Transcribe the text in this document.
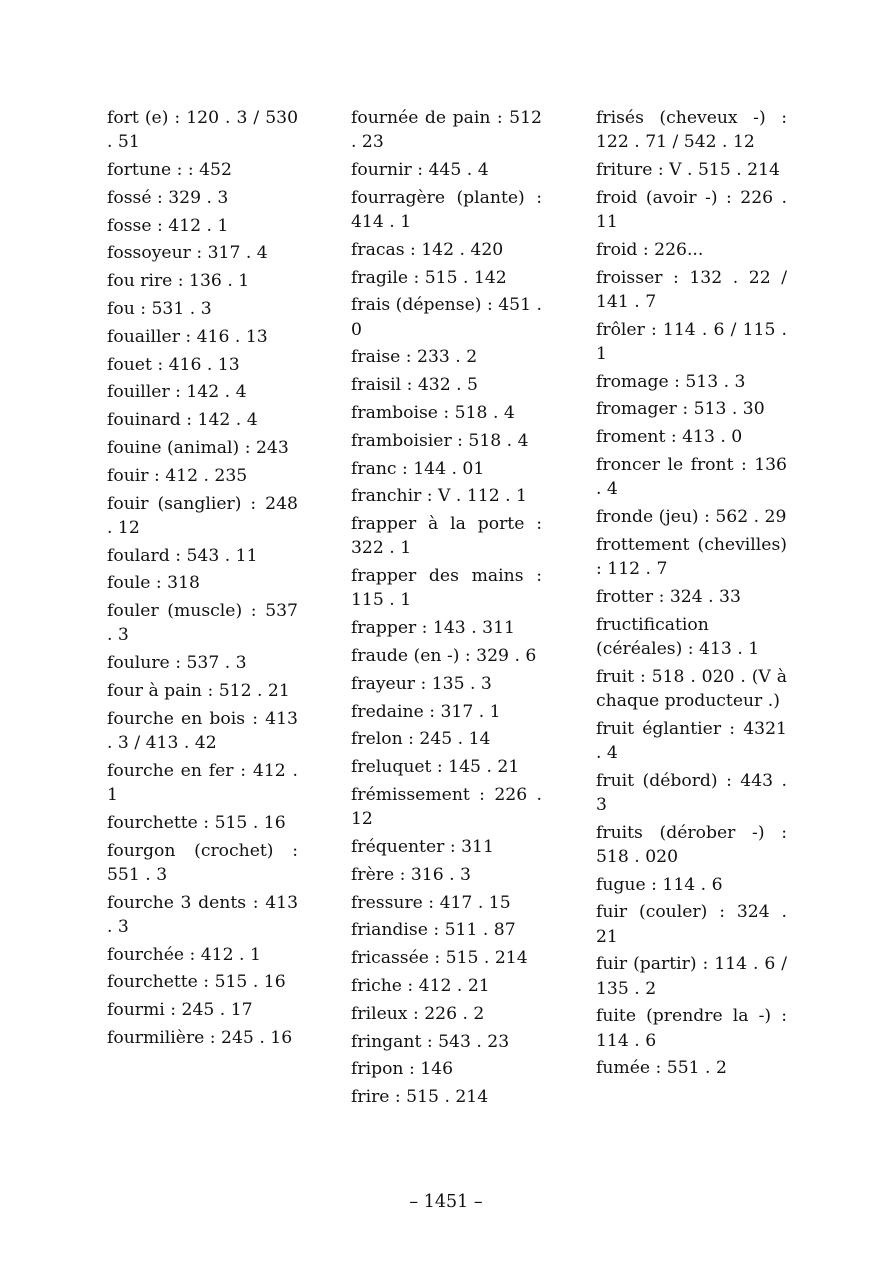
fort (e) : 120 . 3 / 530 . 51
fortune : : 452
fossé : 329 . 3
fosse : 412 . 1
fossoyeur : 317 . 4
fou rire : 136 . 1
fou : 531 . 3
fouailler : 416 . 13
fouet : 416 . 13
fouiller : 142 . 4
fouinard : 142 . 4
fouine (animal) : 243
fouir : 412 . 235
fouir (sanglier) : 248 . 12
foulard : 543 . 11
foule : 318
fouler (muscle) : 537 . 3
foulure : 537 . 3
four à pain : 512 . 21
fourche en bois : 413 . 3 / 413 . 42
fourche en fer : 412 . 1
fourchette : 515 . 16
fourgon (crochet) : 551 . 3
fourche 3 dents : 413 . 3
fourchée : 412 . 1
fourchette : 515 . 16
fourmi : 245 . 17
fourmilière : 245 . 16
fournée de pain : 512 . 23
fournir : 445 . 4
fourragère (plante) : 414 . 1
fracas : 142 . 420
fragile : 515 . 142
frais (dépense) : 451 . 0
fraise : 233 . 2
fraisil : 432 . 5
framboise : 518 . 4
framboisier : 518 . 4
franc : 144 . 01
franchir : V . 112 . 1
frapper à la porte : 322 . 1
frapper des mains : 115 . 1
frapper : 143 . 311
fraude (en -) : 329 . 6
frayeur : 135 . 3
fredaine : 317 . 1
frelon : 245 . 14
freluquet : 145 . 21
frémissement : 226 . 12
fréquenter : 311
frère : 316 . 3
fressure : 417 . 15
friandise : 511 . 87
fricassée : 515 . 214
friche : 412 . 21
frileux : 226 . 2
fringant : 543 . 23
fripon : 146
frire : 515 . 214
frisés (cheveux -) : 122 . 71 / 542 . 12
friture : V . 515 . 214
froid (avoir -) : 226 . 11
froid : 226...
froisser : 132 . 22 / 141 . 7
frôler : 114 . 6 / 115 . 1
fromage : 513 . 3
fromager : 513 . 30
froment : 413 . 0
froncer le front : 136 . 4
fronde (jeu) : 562 . 29
frottement (chevilles) : 112 . 7
frotter : 324 . 33
fructification (céréales) : 413 . 1
fruit : 518 . 020 . (V à chaque producteur .)
fruit églantier : 4321 . 4
fruit (débord) : 443 . 3
fruits (dérober -) : 518 . 020
fugue : 114 . 6
fuir (couler) : 324 . 21
fuir (partir) : 114 . 6 / 135 . 2
fuite (prendre la -) : 114 . 6
fumée : 551 . 2
– 1451 –
